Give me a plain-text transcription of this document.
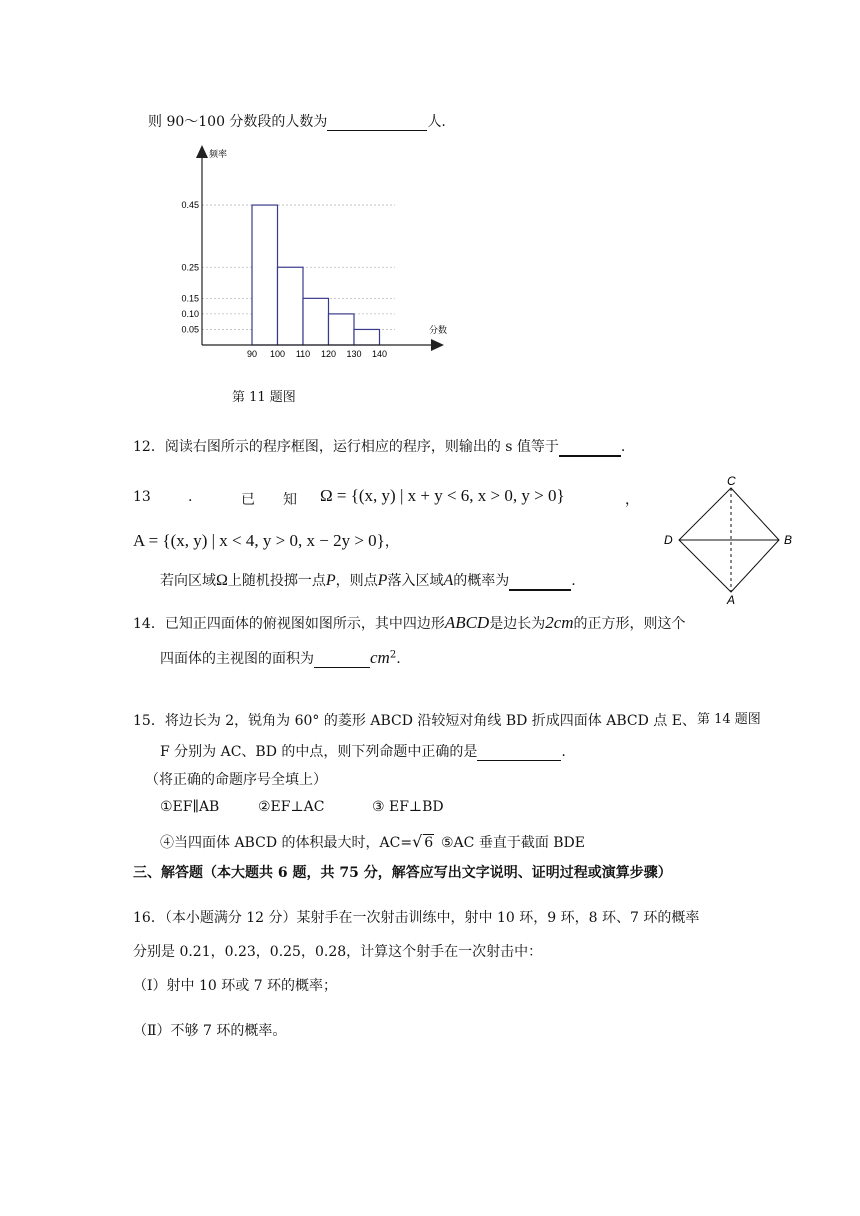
则 90～100 分数段的人数为	人.
频率
分数
0.45
0.25
0.15
0.10
0.05
90 100 110 120 130 140
第 11 题图
12．阅读右图所示的程序框图，运行相应的程序，则输出的 s 值等于	.
13	.	已 知 Ω = {(x, y) | x + y < 6, x > 0, y > 0}	，
A = {(x, y) | x < 4, y > 0, x − 2y > 0}，
若向区域Ω上随机投掷一点P，则点P落入区域A的概率为	.
C
D	B
A
14．已知正四面体的俯视图如图所示，其中四边形ABCD是边长为2cm的正方形，则这个
四面体的主视图的面积为	$cm^2$.
第 14 题图
15．将边长为 2，锐角为 60° 的菱形 ABCD 沿较短对角线 BD 折成四面体 ABCD 点 E、
F 分别为 AC、BD 的中点，则下列命题中正确的是	.
（将正确的命题序号全填上）
①EF∥AB	②EF⊥AC	③ EF⊥BD
④当四面体 ABCD 的体积最大时，AC=√ 6 ⑤AC 垂直于截面 BDE
三、解答题（本大题共 6 题，共 75 分，解答应写出文字说明、证明过程或演算步骤）
16．（本小题满分 12 分）某射手在一次射击训练中，射中 10 环，9 环，8 环、7 环的概率
分别是 0.21，0.23，0.25，0.28，计算这个射手在一次射击中：
（Ⅰ）射中 10 环或 7 环的概率；
（Ⅱ）不够 7 环的概率。
